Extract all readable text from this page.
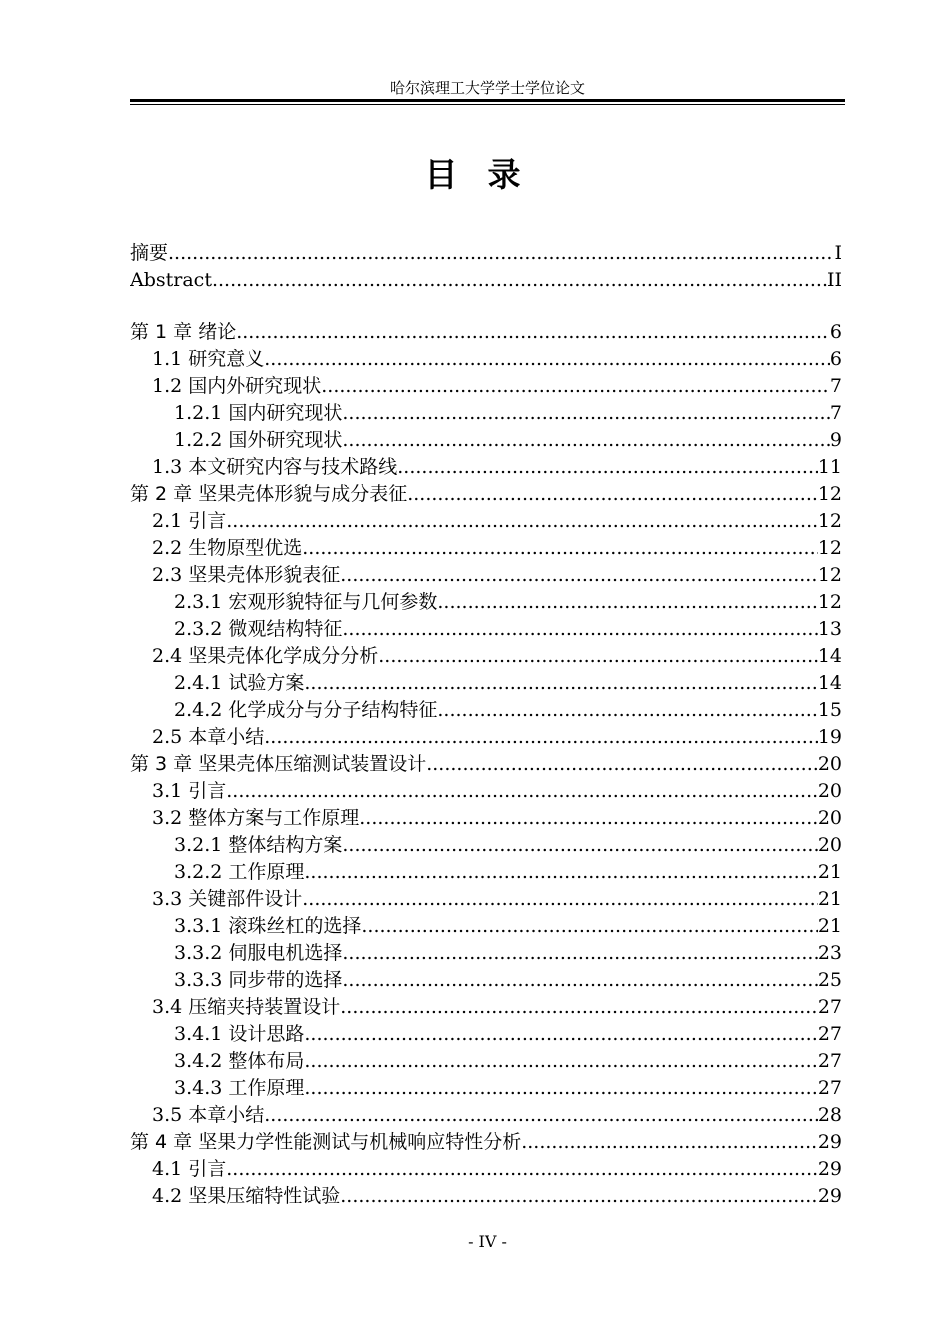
哈尔滨理工大学学士学位论文
目录
摘要 .....	I
Abstract .....	II
第 1 章 绪论 .....	6
1.1 研究意义 .....	6
1.2 国内外研究现状 .....	7
1.2.1 国内研究现状 .....	7
1.2.2 国外研究现状 .....	9
1.3 本文研究内容与技术路线 .....	11
第 2 章 坚果壳体形貌与成分表征 .....	12
2.1 引言 .....	12
2.2 生物原型优选 .....	12
2.3 坚果壳体形貌表征 .....	12
2.3.1 宏观形貌特征与几何参数 .....	12
2.3.2 微观结构特征 .....	13
2.4 坚果壳体化学成分分析 .....	14
2.4.1 试验方案 .....	14
2.4.2 化学成分与分子结构特征 .....	15
2.5 本章小结 .....	19
第 3 章 坚果壳体压缩测试装置设计 .....	20
3.1 引言 .....	20
3.2 整体方案与工作原理 .....	20
3.2.1 整体结构方案 .....	20
3.2.2 工作原理 .....	21
3.3 关键部件设计 .....	21
3.3.1 滚珠丝杠的选择 .....	21
3.3.2 伺服电机选择 .....	23
3.3.3 同步带的选择 .....	25
3.4 压缩夹持装置设计 .....	27
3.4.1 设计思路 .....	27
3.4.2 整体布局 .....	27
3.4.3 工作原理 .....	27
3.5 本章小结 .....	28
第 4 章 坚果力学性能测试与机械响应特性分析 .....	29
4.1 引言 .....	29
4.2 坚果压缩特性试验 .....	29
- IV -
